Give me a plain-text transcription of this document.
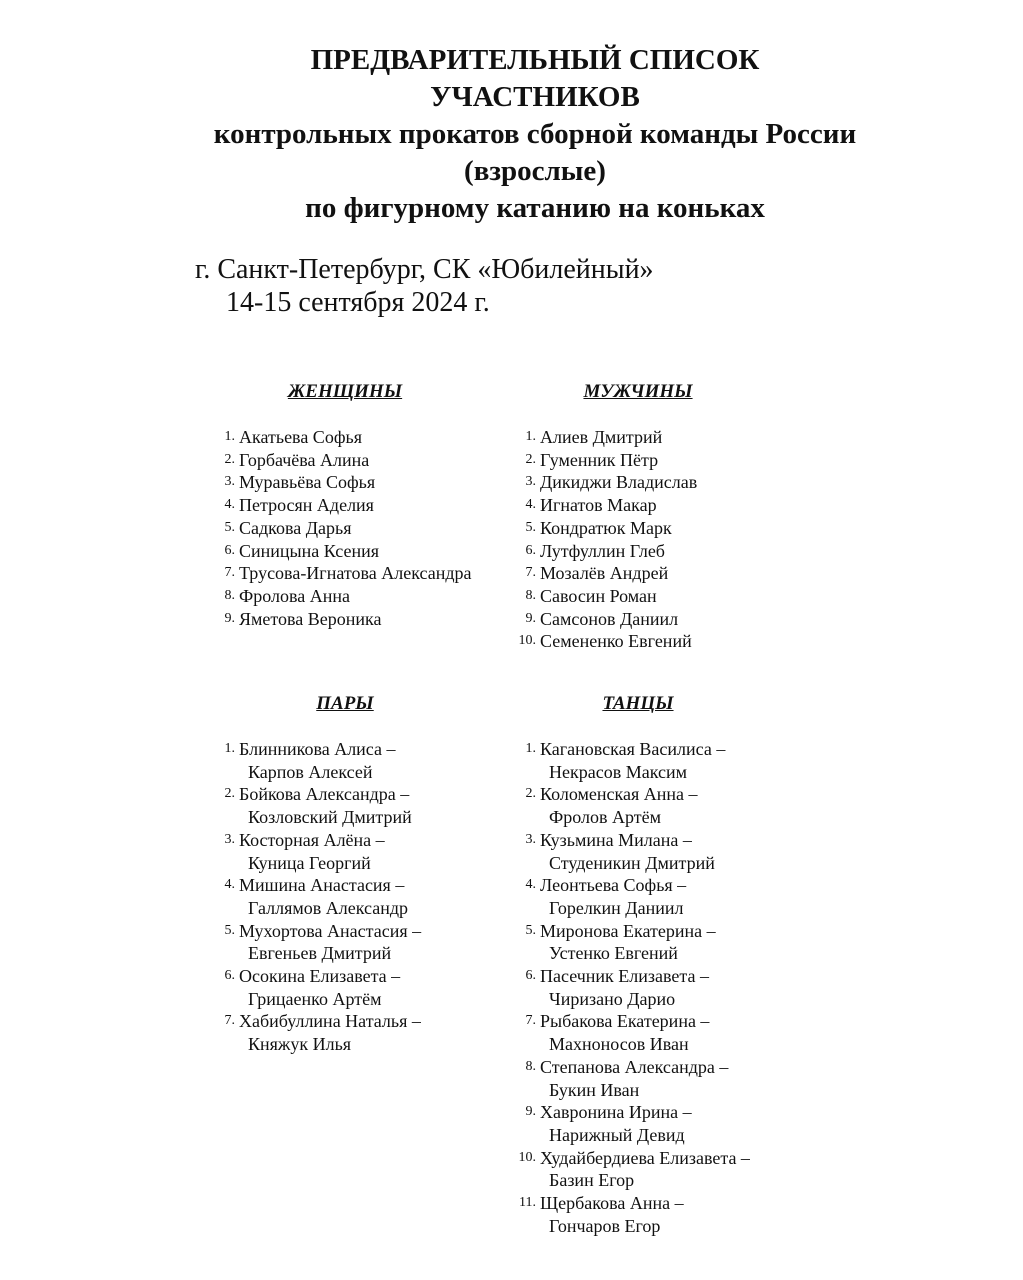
ПРЕДВАРИТЕЛЬНЫЙ СПИСОК
УЧАСТНИКОВ
контрольных прокатов сборной команды России
(взрослые)
по фигурному катанию на коньках
г. Санкт-Петербург, СК «Юбилейный»
14-15 сентября 2024 г.
ЖЕНЩИНЫ
1. Акатьева Софья
2. Горбачёва Алина
3. Муравьёва Софья
4. Петросян Аделия
5. Садкова Дарья
6. Синицына Ксения
7. Трусова-Игнатова Александра
8. Фролова Анна
9. Яметова Вероника
МУЖЧИНЫ
1. Алиев Дмитрий
2. Гуменник Пётр
3. Дикиджи Владислав
4. Игнатов Макар
5. Кондратюк Марк
6. Лутфуллин Глеб
7. Мозалёв Андрей
8. Савосин Роман
9. Самсонов Даниил
10. Семененко Евгений
ПАРЫ
1. Блинникова Алиса –
Карпов Алексей
2. Бойкова Александра –
Козловский Дмитрий
3. Косторная Алёна –
Куница Георгий
4. Мишина Анастасия –
Галлямов Александр
5. Мухортова Анастасия –
Евгеньев Дмитрий
6. Осокина Елизавета –
Грицаенко Артём
7. Хабибуллина Наталья –
Княжук Илья
ТАНЦЫ
1. Кагановская Василиса –
Некрасов Максим
2. Коломенская Анна –
Фролов Артём
3. Кузьмина Милана –
Студеникин Дмитрий
4. Леонтьева Софья –
Горелкин Даниил
5. Миронова Екатерина –
Устенко Евгений
6. Пасечник Елизавета –
Чиризано Дарио
7. Рыбакова Екатерина –
Махноносов Иван
8. Степанова Александра –
Букин Иван
9. Хавронина Ирина –
Нарижный Девид
10. Худайбердиева Елизавета –
Базин Егор
11. Щербакова Анна –
Гончаров Егор
